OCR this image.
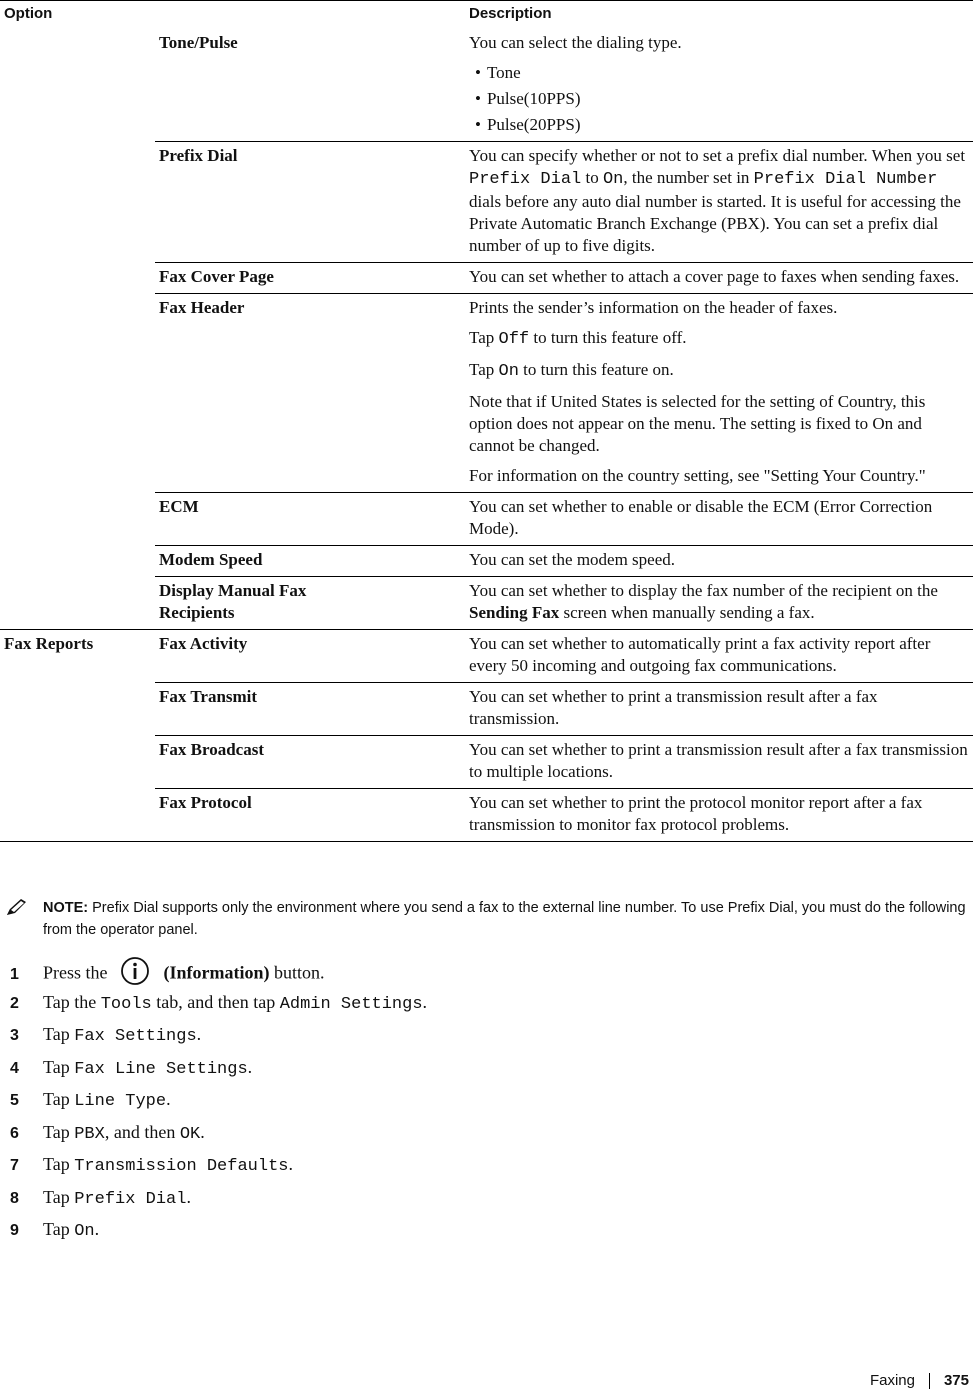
Option		Description
	Tone/Pulse	You can select the dialing type.
• Tone
• Pulse(10PPS)
• Pulse(20PPS)

	Prefix Dial	You can specify whether or not to set a prefix dial number. When you set Prefix Dial to On, the number set in Prefix Dial Number dials before any auto dial number is started. It is useful for accessing the Private Automatic Branch Exchange (PBX). You can set a prefix dial number of up to five digits.

	Fax Cover Page	You can set whether to attach a cover page to faxes when sending faxes.

	Fax Header	Prints the sender’s information on the header of faxes.
Tap Off to turn this feature off.
Tap On to turn this feature on.
Note that if United States is selected for the setting of Country, this option does not appear on the menu. The setting is fixed to On and cannot be changed.
For information on the country setting, see "Setting Your Country."

	ECM	You can set whether to enable or disable the ECM (Error Correction Mode).

	Modem Speed	You can set the modem speed.

	Display Manual Fax Recipients	You can set whether to display the fax number of the recipient on the Sending Fax screen when manually sending a fax.

Fax Reports	Fax Activity	You can set whether to automatically print a fax activity report after every 50 incoming and outgoing fax communications.

	Fax Transmit	You can set whether to print a transmission result after a fax transmission.

	Fax Broadcast	You can set whether to print a transmission result after a fax transmission to multiple locations.

	Fax Protocol	You can set whether to print the protocol monitor report after a fax transmission to monitor fax protocol problems.
NOTE: Prefix Dial supports only the environment where you send a fax to the external line number. To use Prefix Dial, you must do the following from the operator panel.
1 Press the	(Information) button.
2 Tap the Tools tab, and then tap Admin Settings.
3 Tap Fax Settings.
4 Tap Fax Line Settings.
5 Tap Line Type.
6 Tap PBX, and then OK.
7 Tap Transmission Defaults.
8 Tap Prefix Dial.
9 Tap On.
Faxing 375
